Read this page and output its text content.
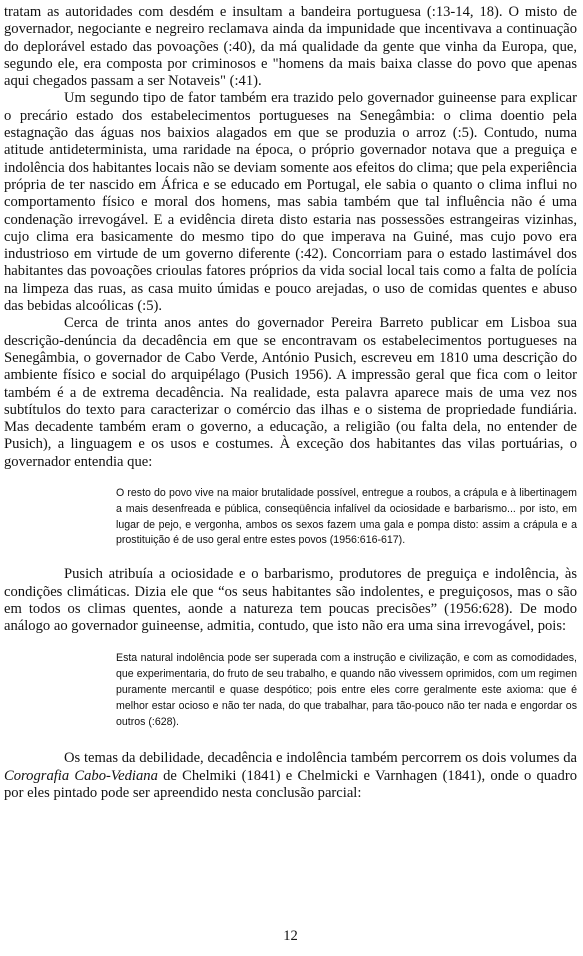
tratam as autoridades com desdém e insultam a bandeira portuguesa (:13-14, 18). O misto de governador, negociante e negreiro reclamava ainda da impunidade que incentivava a continuação do deplorável estado das povoações (:40), da má qualidade da gente que vinha da Europa, que, segundo ele, era composta por criminosos e "homens da mais baixa classe do povo que apenas aqui chegados passam a ser Notaveis" (:41).

Um segundo tipo de fator também era trazido pelo governador guineense para explicar o precário estado dos estabelecimentos portugueses na Senegâmbia: o clima doentio pela estagnação das águas nos baixios alagados em que se produzia o arroz (:5). Contudo, numa atitude antideterminista, uma raridade na época, o próprio governador notava que a preguiça e indolência dos habitantes locais não se deviam somente aos efeitos do clima; que pela experiência própria de ter nascido em África e se educado em Portugal, ele sabia o quanto o clima influi no comportamento físico e moral dos homens, mas sabia também que tal influência não é uma condenação irrevogável. E a evidência direta disto estaria nas possessões estrangeiras vizinhas, cujo clima era basicamente do mesmo tipo do que imperava na Guiné, mas cujo povo era industrioso em virtude de um governo diferente (:42). Concorriam para o estado lastimável dos habitantes das povoações crioulas fatores próprios da vida social local tais como a falta de polícia na limpeza das ruas, as casa muito úmidas e pouco arejadas, o uso de comidas quentes e abuso das bebidas alcoólicas (:5).

Cerca de trinta anos antes do governador Pereira Barreto publicar em Lisboa sua descrição-denúncia da decadência em que se encontravam os estabelecimentos portugueses na Senegâmbia, o governador de Cabo Verde, António Pusich, escreveu em 1810 uma descrição do ambiente físico e social do arquipélago (Pusich 1956). A impressão geral que fica com o leitor também é a de extrema decadência. Na realidade, esta palavra aparece mais de uma vez nos subtítulos do texto para caracterizar o comércio das ilhas e o sistema de propriedade fundiária. Mas decadente também eram o governo, a educação, a religião (ou falta dela, no entender de Pusich), a linguagem e os usos e costumes. À exceção dos habitantes das vilas portuárias, o governador entendia que:

O resto do povo vive na maior brutalidade possível, entregue a roubos, a crápula e à libertinagem a mais desenfreada e pública, conseqüência infalível da ociosidade e barbarismo... por isto, em lugar de pejo, e vergonha, ambos os sexos fazem uma gala e pompa disto: assim a crápula e a prostituição é de uso geral entre estes povos (1956:616-617).

Pusich atribuía a ociosidade e o barbarismo, produtores de preguiça e indolência, às condições climáticas. Dizia ele que “os seus habitantes são indolentes, e preguiçosos, mas o são em todos os climas quentes, aonde a natureza tem poucas precisões” (1956:628). De modo análogo ao governador guineense, admitia, contudo, que isto não era uma sina irrevogável, pois:

Esta natural indolência pode ser superada com a instrução e civilização, e com as comodidades, que experimentaria, do fruto de seu trabalho, e quando não vivessem oprimidos, com um regimen puramente mercantil e quase despótico; pois entre eles corre geralmente este axioma: que é melhor estar ocioso e não ter nada, do que trabalhar, para tão-pouco não ter nada e engordar os outros (:628).

Os temas da debilidade, decadência e indolência também percorrem os dois volumes da Corografia Cabo-Vediana de Chelmiki (1841) e Chelmicki e Varnhagen (1841), onde o quadro por eles pintado pode ser apreendido nesta conclusão parcial:

12
